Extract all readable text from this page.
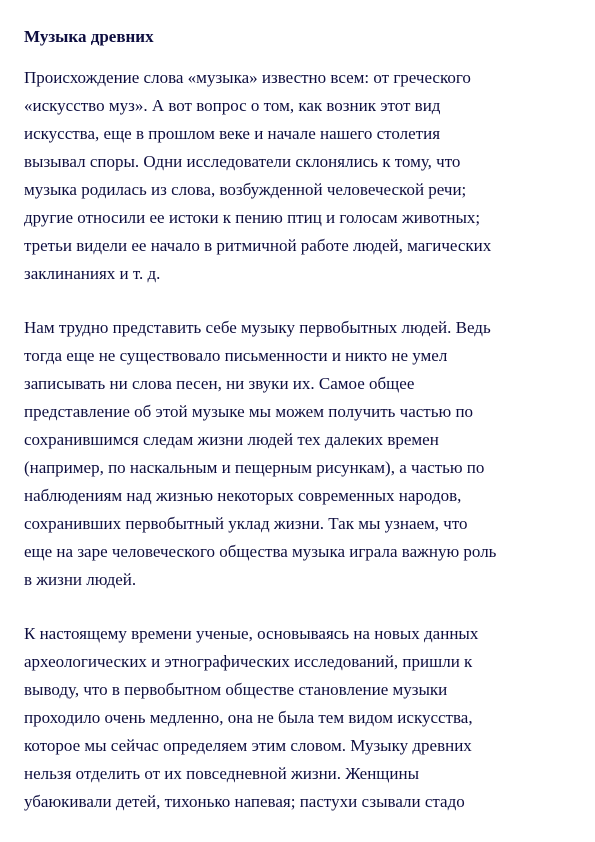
Музыка древних
Происхождение слова «музыка» известно всем: от греческого
«искусство муз». А вот вопрос о том, как возник этот вид
искусства, еще в прошлом веке и начале нашего столетия
вызывал споры. Одни исследователи склонялись к тому, что
музыка родилась из слова, возбужденной человеческой речи;
другие относили ее истоки к пению птиц и голосам животных;
третьи видели ее начало в ритмичной работе людей, магических
заклинаниях и т. д.
Нам трудно представить себе музыку первобытных людей. Ведь
тогда еще не существовало письменности и никто не умел
записывать ни слова песен, ни звуки их. Самое общее
представление об этой музыке мы можем получить частью по
сохранившимся следам жизни людей тех далеких времен
(например, по наскальным и пещерным рисункам), а частью по
наблюдениям над жизнью некоторых современных народов,
сохранивших первобытный уклад жизни. Так мы узнаем, что
еще на заре человеческого общества музыка играла важную роль
в жизни людей.
К настоящему времени ученые, основываясь на новых данных
археологических и этнографических исследований, пришли к
выводу, что в первобытном обществе становление музыки
проходило очень медленно, она не была тем видом искусства,
которое мы сейчас определяем этим словом. Музыку древних
нельзя отделить от их повседневной жизни. Женщины
убаюкивали детей, тихонько напевая; пастухи сзывали стадо
